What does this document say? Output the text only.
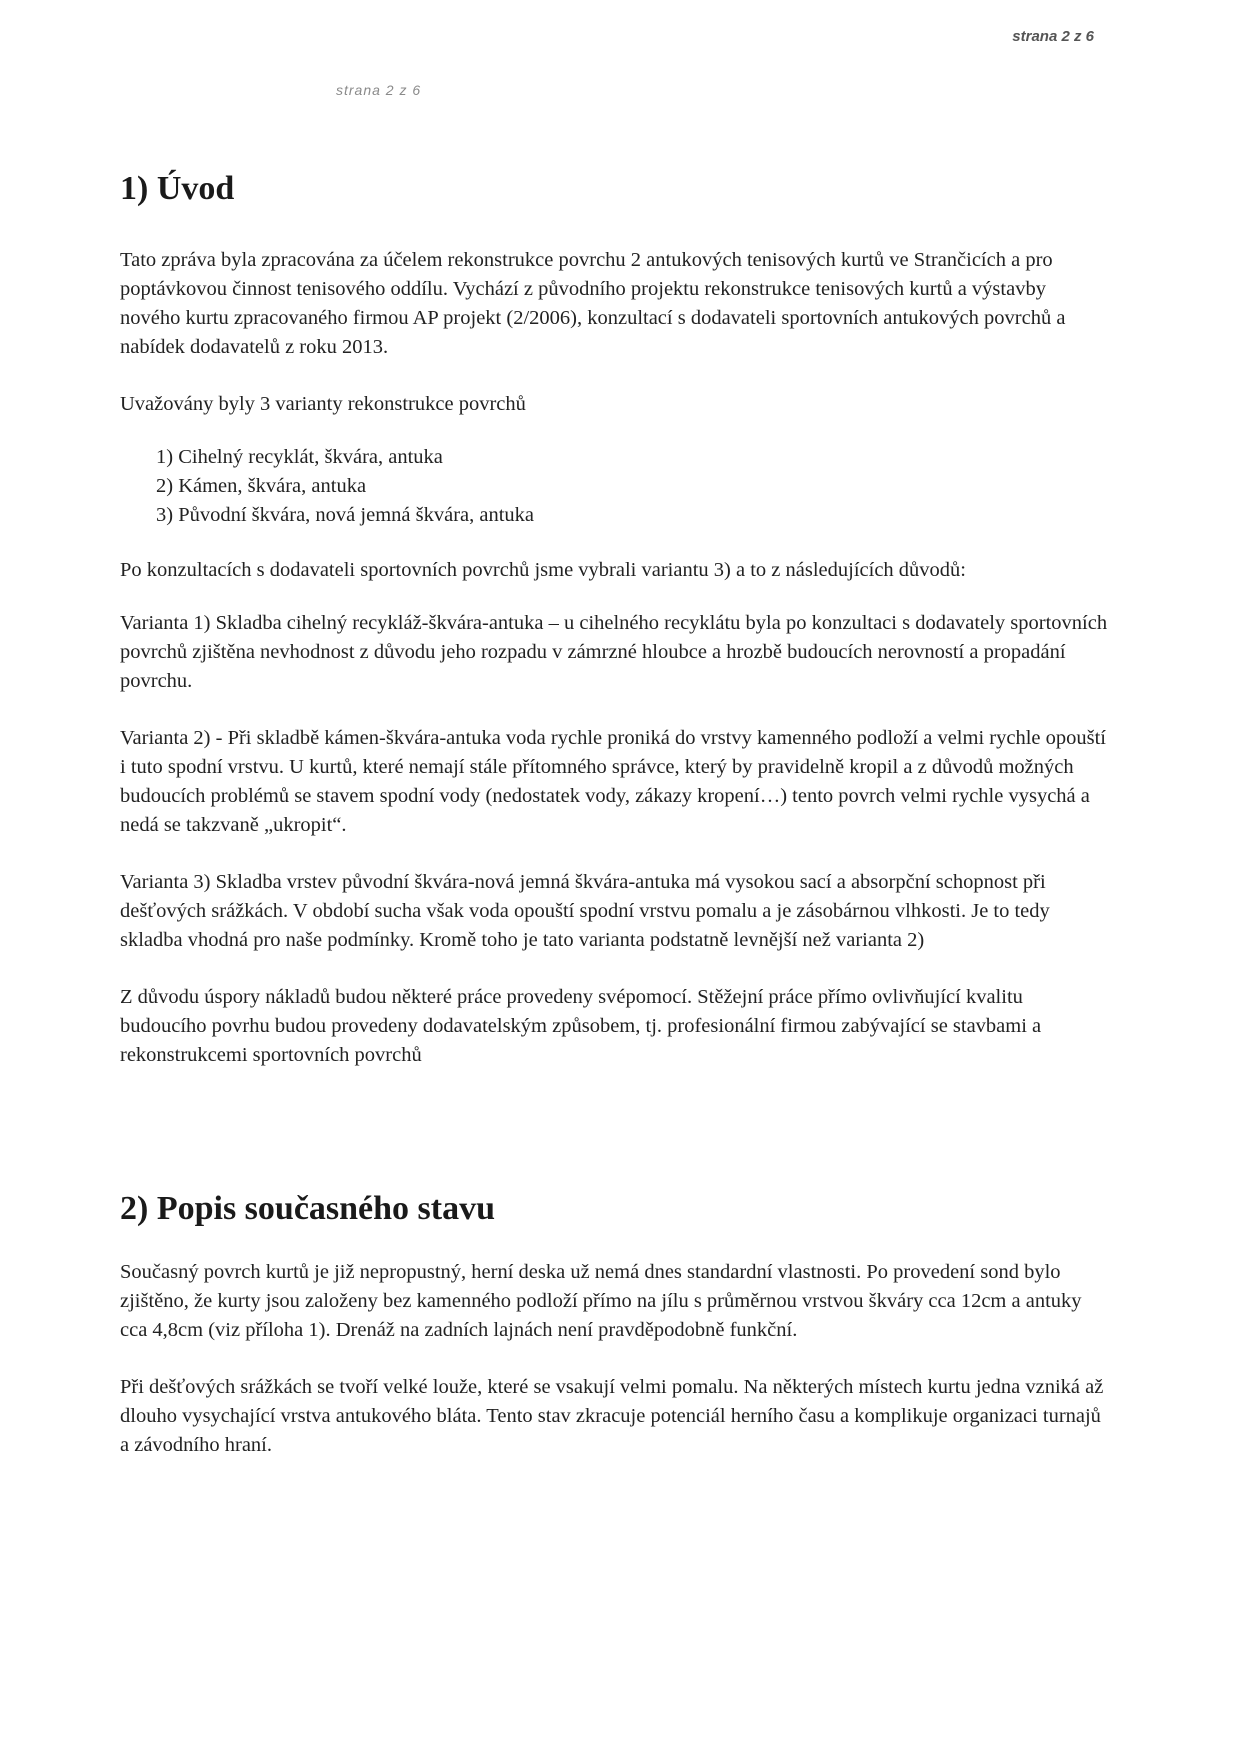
strana 2 z 6
strana 2 z 6
1) Úvod

Tato zpráva byla zpracována za účelem rekonstrukce povrchu 2 antukových tenisových kurtů ve Strančicích a pro poptávkovou činnost tenisového oddílu. Vychází z původního projektu rekonstrukce tenisových kurtů a výstavby nového kurtu zpracovaného firmou AP projekt (2/2006), konzultací s dodavateli sportovních antukových povrchů a nabídek dodavatelů z roku 2013.

Uvažovány byly 3 varianty rekonstrukce povrchů

1) Cihelný recyklát, škvára, antuka
2) Kámen, škvára, antuka
3) Původní škvára, nová jemná škvára, antuka

Po konzultacích s dodavateli sportovních povrchů jsme vybrali variantu 3) a to z následujících důvodů:

Varianta 1) Skladba cihelný recykláž-škvára-antuka – u cihelného recyklátu byla po konzultaci s dodavately sportovních povrchů zjištěna nevhodnost z důvodu jeho rozpadu v zámrzné hloubce a hrozbě budoucích nerovností a propadání povrchu.

Varianta 2) - Při skladbě kámen-škvára-antuka voda rychle proniká do vrstvy kamenného podloží a velmi rychle opouští i tuto spodní vrstvu. U kurtů, které nemají stále přítomného správce, který by pravidelně kropil a z důvodů možných budoucích problémů se stavem spodní vody (nedostatek vody, zákazy kropení…) tento povrch velmi rychle vysychá a nedá se takzvaně „ukropit“.

Varianta 3) Skladba vrstev původní škvára-nová jemná škvára-antuka má vysokou sací a absorpční schopnost při dešťových srážkách. V období sucha však voda opouští spodní vrstvu pomalu a je zásobárnou vlhkosti. Je to tedy skladba vhodná pro naše podmínky. Kromě toho je tato varianta podstatně levnější než varianta 2)

Z důvodu úspory nákladů budou některé práce provedeny svépomocí. Stěžejní práce přímo ovlivňující kvalitu budoucího povrhu budou provedeny dodavatelským způsobem, tj. profesionální firmou zabývající se stavbami a rekonstrukcemi sportovních povrchů

2) Popis současného stavu

Současný povrch kurtů je již nepropustný, herní deska už nemá dnes standardní vlastnosti. Po provedení sond bylo zjištěno, že kurty jsou založeny bez kamenného podloží přímo na jílu s průměrnou vrstvou škváry cca 12cm a antuky cca 4,8cm (viz příloha 1). Drenáž na zadních lajnách není pravděpodobně funkční.

Při dešťových srážkách se tvoří velké louže, které se vsakují velmi pomalu. Na některých místech kurtu jedna vzniká až dlouho vysychající vrstva antukového bláta. Tento stav zkracuje potenciál herního času a komplikuje organizaci turnajů a závodního hraní.
